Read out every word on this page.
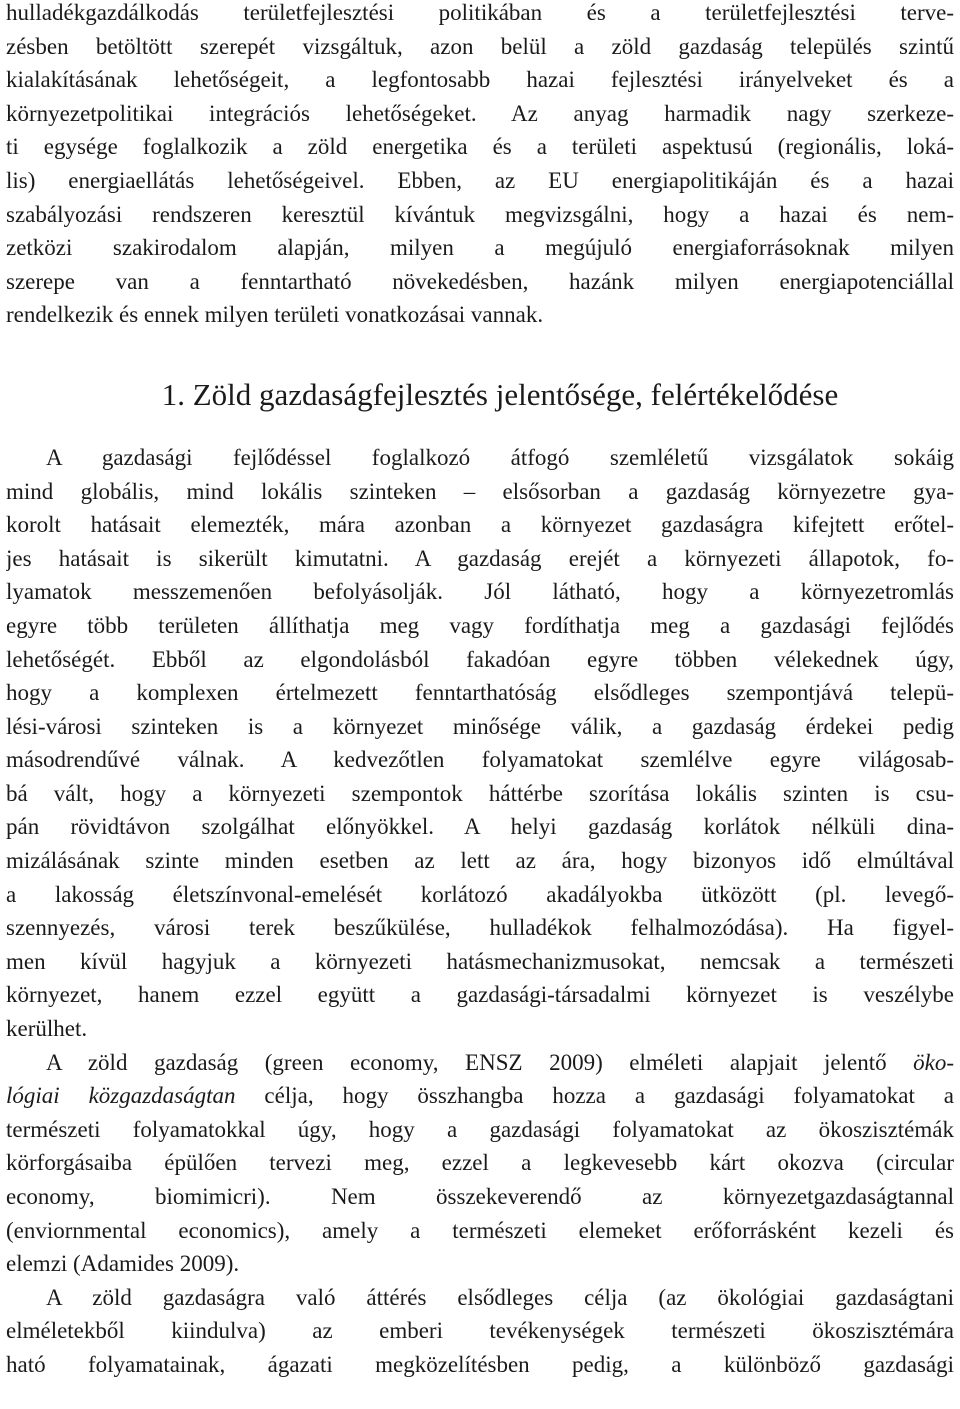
hulladékgazdálkodás területfejlesztési politikában és a területfejlesztési terve-
zésben betöltött szerepét vizsgáltuk, azon belül a zöld gazdaság település szintű
kialakításának lehetőségeit, a legfontosabb hazai fejlesztési irányelveket és a
környezetpolitikai integrációs lehetőségeket. Az anyag harmadik nagy szerkeze-
ti egysége foglalkozik a zöld energetika és a területi aspektusú (regionális, loká-
lis) energiaellátás lehetőségeivel. Ebben, az EU energiapolitikáján és a hazai
szabályozási rendszeren keresztül kívántuk megvizsgálni, hogy a hazai és nem-
zetközi szakirodalom alapján, milyen a megújuló energiaforrásoknak milyen
szerepe van a fenntartható növekedésben, hazánk milyen energiapotenciállal
rendelkezik és ennek milyen területi vonatkozásai vannak.

1. Zöld gazdaságfejlesztés jelentősége, felértékelődése

A gazdasági fejlődéssel foglalkozó átfogó szemléletű vizsgálatok sokáig
mind globális, mind lokális szinteken – elsősorban a gazdaság környezetre gya-
korolt hatásait elemezték, mára azonban a környezet gazdaságra kifejtett erőtel-
jes hatásait is sikerült kimutatni. A gazdaság erejét a környezeti állapotok, fo-
lyamatok messzemenően befolyásolják. Jól látható, hogy a környezetromlás
egyre több területen állíthatja meg vagy fordíthatja meg a gazdasági fejlődés
lehetőségét. Ebből az elgondolásból fakadóan egyre többen vélekednek úgy,
hogy a komplexen értelmezett fenntarthatóság elsődleges szempontjává telepü-
lési-városi szinteken is a környezet minősége válik, a gazdaság érdekei pedig
másodrendűvé válnak. A kedvezőtlen folyamatokat szemlélve egyre világosab-
bá vált, hogy a környezeti szempontok háttérbe szorítása lokális szinten is csu-
pán rövidtávon szolgálhat előnyökkel. A helyi gazdaság korlátok nélküli dina-
mizálásának szinte minden esetben az lett az ára, hogy bizonyos idő elmúltával
a lakosság életszínvonal-emelését korlátozó akadályokba ütközött (pl. levegő-
szennyezés, városi terek beszűkülése, hulladékok felhalmozódása). Ha figyel-
men kívül hagyjuk a környezeti hatásmechanizmusokat, nemcsak a természeti
környezet, hanem ezzel együtt a gazdasági-társadalmi környezet is veszélybe
kerülhet.

A zöld gazdaság (green economy, ENSZ 2009) elméleti alapjait jelentő öko-
lógiai közgazdaságtan célja, hogy összhangba hozza a gazdasági folyamatokat a
természeti folyamatokkal úgy, hogy a gazdasági folyamatokat az ökoszisztémák
körforgásaiba épülően tervezi meg, ezzel a legkevesebb kárt okozva (circular
economy, biomimicri). Nem összekeverendő az környezetgazdaságtannal
(enviornmental economics), amely a természeti elemeket erőforrásként kezeli és
elemzi (Adamides 2009).

A zöld gazdaságra való áttérés elsődleges célja (az ökológiai gazdaságtani
elméletekből kiindulva) az emberi tevékenységek természeti ökoszisztémára
ható folyamatainak, ágazati megközelítésben pedig, a különböző gazdasági
